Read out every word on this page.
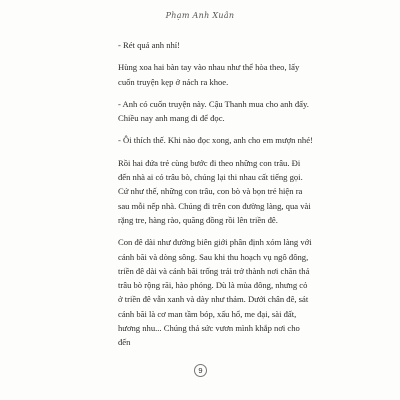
Phạm Anh Xuân

- Rét quá anh nhỉ!

Hùng xoa hai bàn tay vào nhau như thể hòa theo, lấy cuốn truyện kẹp ở nách ra khoe.

- Anh có cuốn truyện này. Cậu Thanh mua cho anh đấy. Chiều nay anh mang đi để đọc.

- Ôi thích thế. Khi nào đọc xong, anh cho em mượn nhé!

Rồi hai đứa trẻ cùng bước đi theo những con trâu. Đi đến nhà ai có trâu bò, chúng lại thi nhau cất tiếng gọi. Cứ như thế, những con trâu, con bò và bọn trẻ hiện ra sau mỗi nếp nhà. Chúng đi trên con đường làng, qua vài rặng tre, hàng rào, quãng đồng rồi lên triền đê.

Con đê dài như đường biên giới phân định xóm làng với cánh bãi và dòng sông. Sau khi thu hoạch vụ ngô đông, triền đê dài và cánh bãi trống trải trở thành nơi chăn thả trâu bò rộng rãi, hào phóng. Dù là mùa đông, nhưng cỏ ở triền đê vẫn xanh và dày như thảm. Dưới chân đê, sát cánh bãi là cơ man tầm bóp, xấu hổ, me đại, sài đất, hương nhu... Chúng thả sức vươn mình khắp nơi cho đến

9
